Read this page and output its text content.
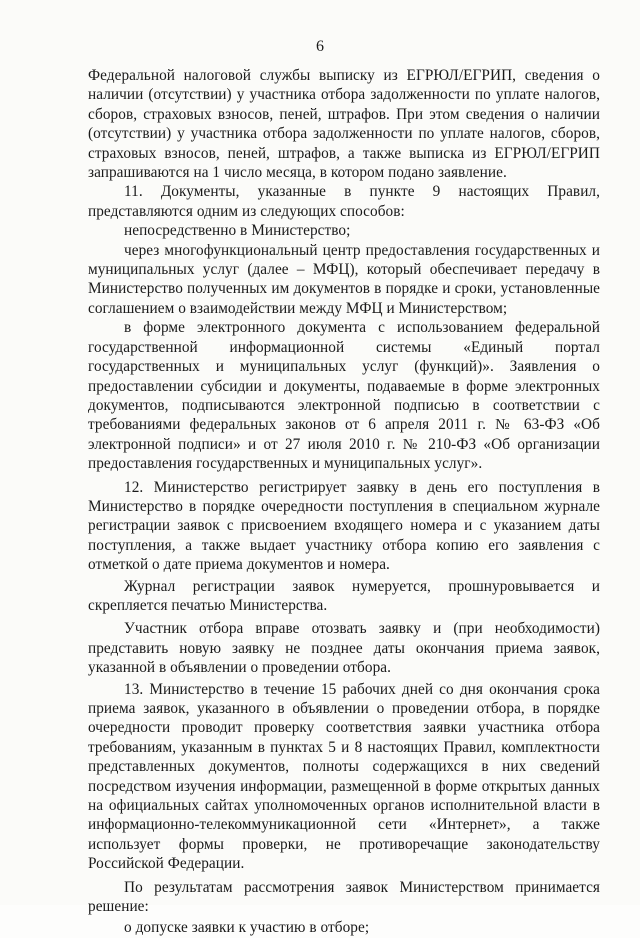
6

Федеральной налоговой службы выписку из ЕГРЮЛ/ЕГРИП, сведения о наличии (отсутствии) у участника отбора задолженности по уплате налогов, сборов, страховых взносов, пеней, штрафов. При этом сведения о наличии (отсутствии) у участника отбора задолженности по уплате налогов, сборов, страховых взносов, пеней, штрафов, а также выписка из ЕГРЮЛ/ЕГРИП запрашиваются на 1 число месяца, в котором подано заявление.

11. Документы, указанные в пункте 9 настоящих Правил, представляются одним из следующих способов:

непосредственно в Министерство;

через многофункциональный центр предоставления государственных и муниципальных услуг (далее – МФЦ), который обеспечивает передачу в Министерство полученных им документов в порядке и сроки, установленные соглашением о взаимодействии между МФЦ и Министерством;

в форме электронного документа с использованием федеральной государственной информационной системы «Единый портал государственных и муниципальных услуг (функций)». Заявления о предоставлении субсидии и документы, подаваемые в форме электронных документов, подписываются электронной подписью в соответствии с требованиями федеральных законов от 6 апреля 2011 г. № 63-ФЗ «Об электронной подписи» и от 27 июля 2010 г. № 210-ФЗ «Об организации предоставления государственных и муниципальных услуг».

12. Министерство регистрирует заявку в день его поступления в Министерство в порядке очередности поступления в специальном журнале регистрации заявок с присвоением входящего номера и с указанием даты поступления, а также выдает участнику отбора копию его заявления с отметкой о дате приема документов и номера.

Журнал регистрации заявок нумеруется, прошнуровывается и скрепляется печатью Министерства.

Участник отбора вправе отозвать заявку и (при необходимости) представить новую заявку не позднее даты окончания приема заявок, указанной в объявлении о проведении отбора.

13. Министерство в течение 15 рабочих дней со дня окончания срока приема заявок, указанного в объявлении о проведении отбора, в порядке очередности проводит проверку соответствия заявки участника отбора требованиям, указанным в пунктах 5 и 8 настоящих Правил, комплектности представленных документов, полноты содержащихся в них сведений посредством изучения информации, размещенной в форме открытых данных на официальных сайтах уполномоченных органов исполнительной власти в информационно-телекоммуникационной сети «Интернет», а также использует формы проверки, не противоречащие законодательству Российской Федерации.

По результатам рассмотрения заявок Министерством принимается решение:

о допуске заявки к участию в отборе;
